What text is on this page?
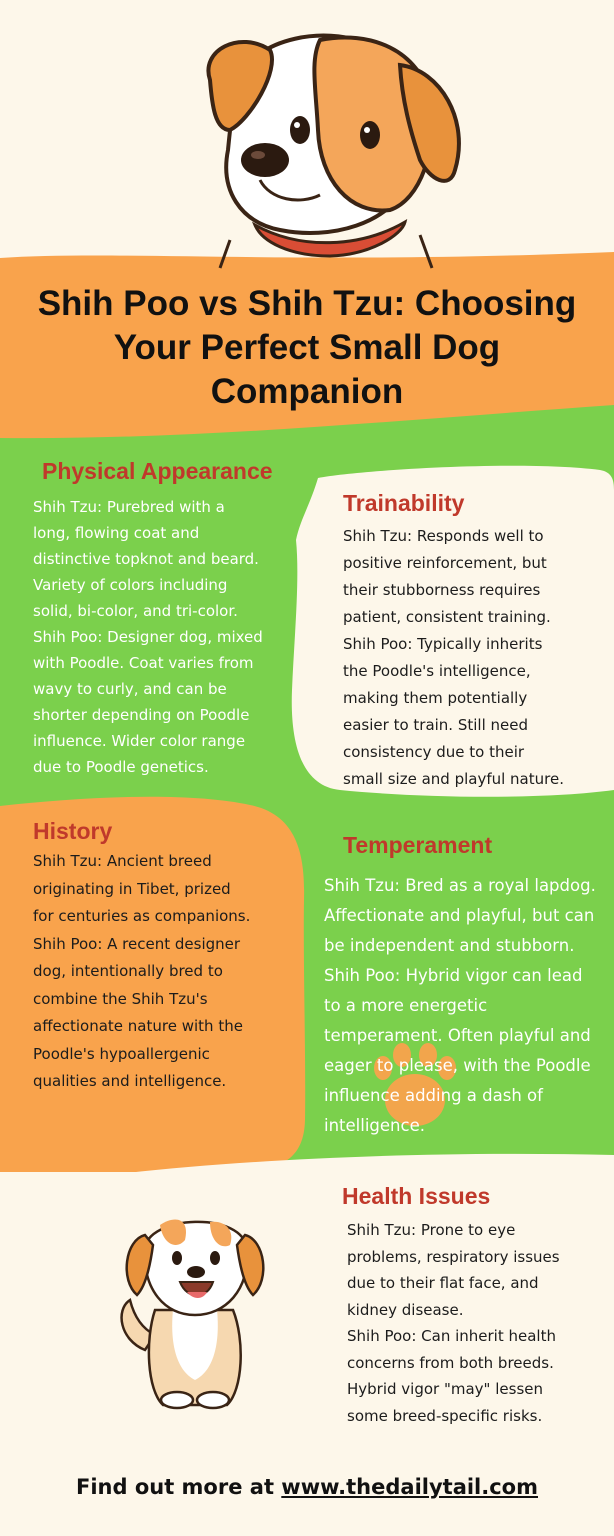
Shih Poo vs Shih Tzu: Choosing Your Perfect Small Dog Companion
Physical Appearance
Shih Tzu: Purebred with a
long, flowing coat and
distinctive topknot and beard.
Variety of colors including
solid, bi-color, and tri-color.
Shih Poo: Designer dog, mixed
with Poodle. Coat varies from
wavy to curly, and can be
shorter depending on Poodle
influence. Wider color range
due to Poodle genetics.
Trainability
Shih Tzu: Responds well to
positive reinforcement, but
their stubborness requires
patient, consistent training.
Shih Poo: Typically inherits
the Poodle's intelligence,
making them potentially
easier to train. Still need
consistency due to their
small size and playful nature.
History
Shih Tzu: Ancient breed
originating in Tibet, prized
for centuries as companions.
Shih Poo: A recent designer
dog, intentionally bred to
combine the Shih Tzu's
affectionate nature with the
Poodle's hypoallergenic
qualities and intelligence.
Temperament
Shih Tzu: Bred as a royal lapdog.
Affectionate and playful, but can
be independent and stubborn.
Shih Poo: Hybrid vigor can lead
to a more energetic
temperament. Often playful and
eager to please, with the Poodle
influence adding a dash of
intelligence.
Health Issues
Shih Tzu: Prone to eye
problems, respiratory issues
due to their flat face, and
kidney disease.
Shih Poo: Can inherit health
concerns from both breeds.
Hybrid vigor "may" lessen
some breed-specific risks.
Find out more at www.thedailytail.com
